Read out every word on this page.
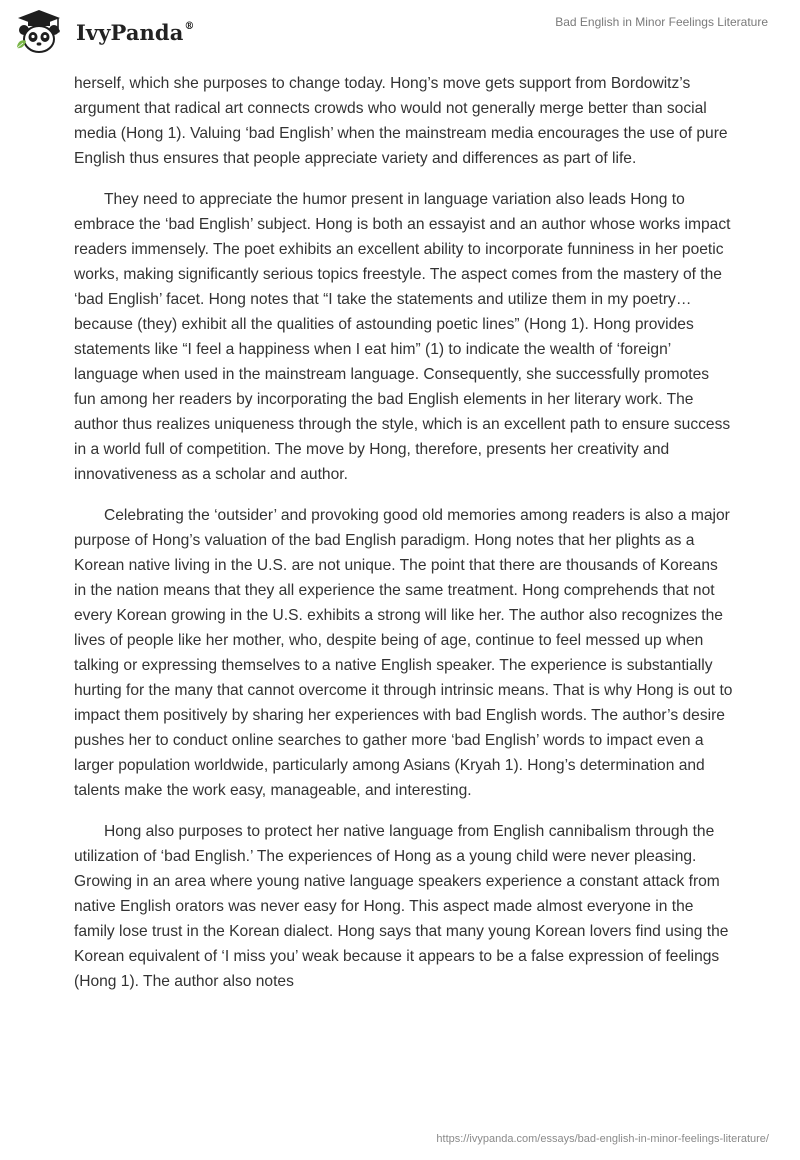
IvyPanda®	Bad English in Minor Feelings Literature

herself, which she purposes to change today. Hong’s move gets support from Bordowitz’s argument that radical art connects crowds who would not generally merge better than social media (Hong 1). Valuing ‘bad English’ when the mainstream media encourages the use of pure English thus ensures that people appreciate variety and differences as part of life.

They need to appreciate the humor present in language variation also leads Hong to embrace the ‘bad English’ subject. Hong is both an essayist and an author whose works impact readers immensely. The poet exhibits an excellent ability to incorporate funniness in her poetic works, making significantly serious topics freestyle. The aspect comes from the mastery of the ‘bad English’ facet. Hong notes that “I take the statements and utilize them in my poetry… because (they) exhibit all the qualities of astounding poetic lines” (Hong 1). Hong provides statements like “I feel a happiness when I eat him” (1) to indicate the wealth of ‘foreign’ language when used in the mainstream language. Consequently, she successfully promotes fun among her readers by incorporating the bad English elements in her literary work. The author thus realizes uniqueness through the style, which is an excellent path to ensure success in a world full of competition. The move by Hong, therefore, presents her creativity and innovativeness as a scholar and author.

Celebrating the ‘outsider’ and provoking good old memories among readers is also a major purpose of Hong’s valuation of the bad English paradigm. Hong notes that her plights as a Korean native living in the U.S. are not unique. The point that there are thousands of Koreans in the nation means that they all experience the same treatment. Hong comprehends that not every Korean growing in the U.S. exhibits a strong will like her. The author also recognizes the lives of people like her mother, who, despite being of age, continue to feel messed up when talking or expressing themselves to a native English speaker. The experience is substantially hurting for the many that cannot overcome it through intrinsic means. That is why Hong is out to impact them positively by sharing her experiences with bad English words. The author’s desire pushes her to conduct online searches to gather more ‘bad English’ words to impact even a larger population worldwide, particularly among Asians (Kryah 1). Hong’s determination and talents make the work easy, manageable, and interesting.

Hong also purposes to protect her native language from English cannibalism through the utilization of ‘bad English.’ The experiences of Hong as a young child were never pleasing. Growing in an area where young native language speakers experience a constant attack from native English orators was never easy for Hong. This aspect made almost everyone in the family lose trust in the Korean dialect. Hong says that many young Korean lovers find using the Korean equivalent of ‘I miss you’ weak because it appears to be a false expression of feelings (Hong 1). The author also notes

https://ivypanda.com/essays/bad-english-in-minor-feelings-literature/
